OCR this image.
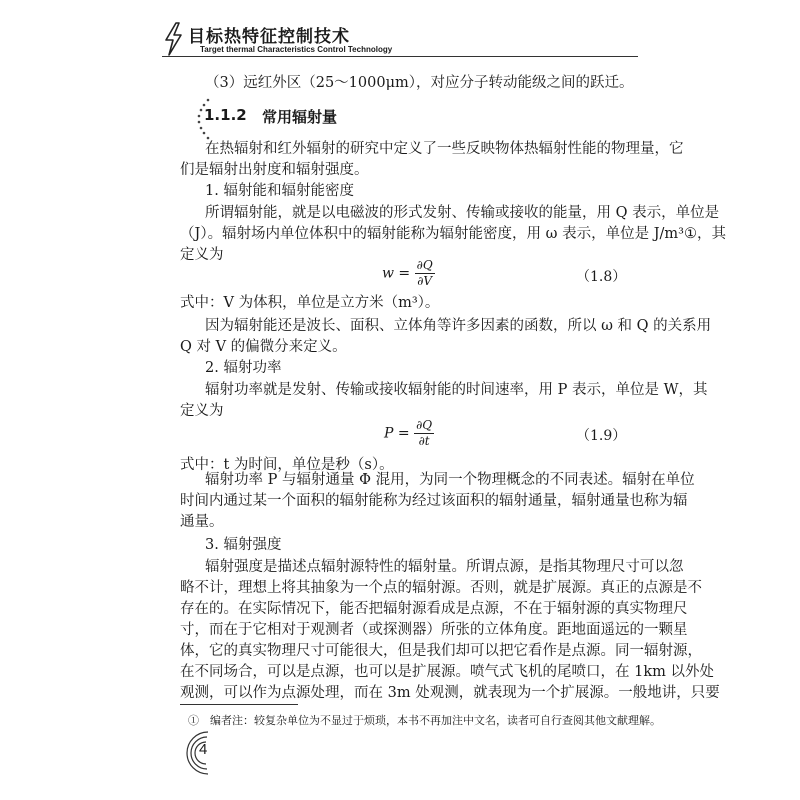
目标热特征控制技术
Target thermal Characteristics Control Technology
（3）远红外区（25～1000μm），对应分子转动能级之间的跃迁。
1.1.2 常用辐射量
在热辐射和红外辐射的研究中定义了一些反映物体热辐射性能的物理量，它
们是辐射出射度和辐射强度。
1. 辐射能和辐射能密度
所谓辐射能，就是以电磁波的形式发射、传输或接收的能量，用 Q 表示，单位是
（J）。辐射场内单位体积中的辐射能称为辐射能密度，用 ω 表示，单位是 J/m³①，其
定义为
$w = \frac{\partial Q}{\partial V}$	（1.8）
式中：V 为体积，单位是立方米（m³）。
因为辐射能还是波长、面积、立体角等许多因素的函数，所以 ω 和 Q 的关系用
Q 对 V 的偏微分来定义。
2. 辐射功率
辐射功率就是发射、传输或接收辐射能的时间速率，用 P 表示，单位是 W，其
定义为
$P = \frac{\partial Q}{\partial t}$	（1.9）
式中：t 为时间，单位是秒（s）。
辐射功率 P 与辐射通量 Φ 混用，为同一个物理概念的不同表述。辐射在单位
时间内通过某一个面积的辐射能称为经过该面积的辐射通量，辐射通量也称为辐
通量。
3. 辐射强度
辐射强度是描述点辐射源特性的辐射量。所谓点源，是指其物理尺寸可以忽
略不计，理想上将其抽象为一个点的辐射源。否则，就是扩展源。真正的点源是不
存在的。在实际情况下，能否把辐射源看成是点源，不在于辐射源的真实物理尺
寸，而在于它相对于观测者（或探测器）所张的立体角度。距地面遥远的一颗星
体，它的真实物理尺寸可能很大，但是我们却可以把它看作是点源。同一辐射源，
在不同场合，可以是点源，也可以是扩展源。喷气式飞机的尾喷口，在 1km 以外处
观测，可以作为点源处理，而在 3m 处观测，就表现为一个扩展源。一般地讲，只要
①　编者注：较复杂单位为不显过于烦琐，本书不再加注中文名，读者可自行查阅其他文献理解。
4
